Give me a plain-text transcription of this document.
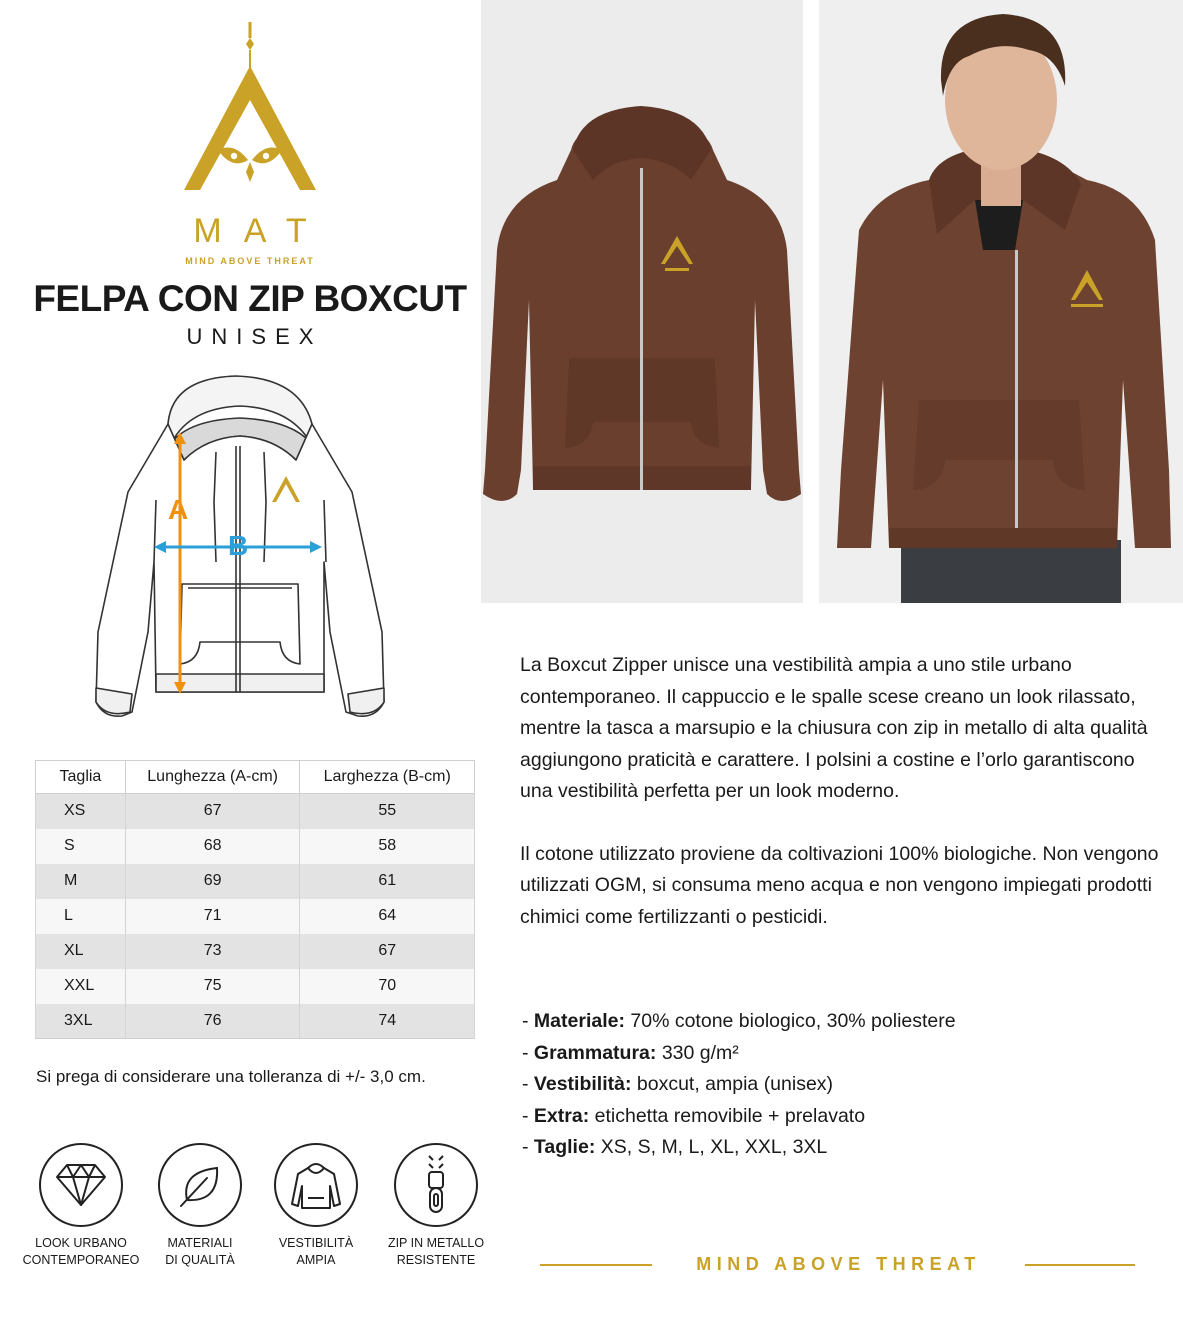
MAT
MIND ABOVE THREAT
FELPA CON ZIP BOXCUT
UNISEX
A
B
Taglia	Lunghezza (A-cm)	Larghezza (B-cm)
XS	67	55
S	68	58
M	69	61
L	71	64
XL	73	67
XXL	75	70
3XL	76	74
Si prega di considerare una tolleranza di +/- 3,0 cm.
LOOK URBANO
CONTEMPORANEO
MATERIALI
DI QUALITÀ
VESTIBILITÀ
AMPIA
ZIP IN METALLO
RESISTENTE

La Boxcut Zipper unisce una vestibilità ampia a uno stile urbano contemporaneo. Il cappuccio e le spalle scese creano un look rilassato, mentre la tasca a marsupio e la chiusura con zip in metallo di alta qualità aggiungono praticità e carattere. I polsini a costine e l’orlo garantiscono una vestibilità perfetta per un look moderno.

Il cotone utilizzato proviene da coltivazioni 100% biologiche. Non vengono utilizzati OGM, si consuma meno acqua e non vengono impiegati prodotti chimici come fertilizzanti o pesticidi.

- Materiale: 70% cotone biologico, 30% poliestere
- Grammatura: 330 g/m²
- Vestibilità: boxcut, ampia (unisex)
- Extra: etichetta removibile + prelavato
- Taglie: XS, S, M, L, XL, XXL, 3XL
MIND ABOVE THREAT
